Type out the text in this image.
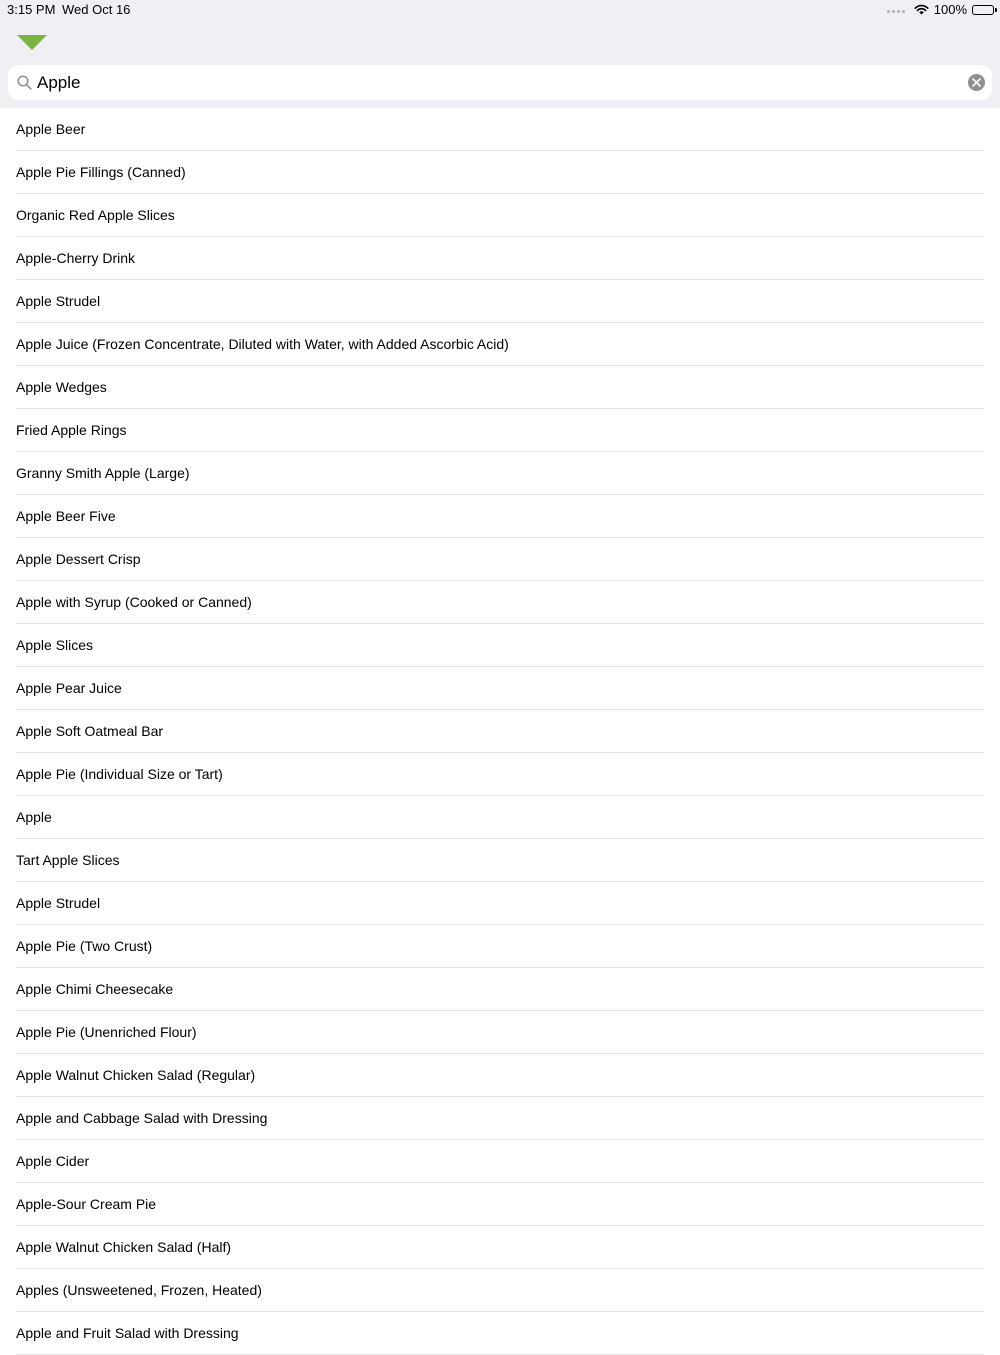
3:15 PM Wed Oct 16	100%
Apple
Apple Beer
Apple Pie Fillings (Canned)
Organic Red Apple Slices
Apple-Cherry Drink
Apple Strudel
Apple Juice (Frozen Concentrate, Diluted with Water, with Added Ascorbic Acid)
Apple Wedges
Fried Apple Rings
Granny Smith Apple (Large)
Apple Beer Five
Apple Dessert Crisp
Apple with Syrup (Cooked or Canned)
Apple Slices
Apple Pear Juice
Apple Soft Oatmeal Bar
Apple Pie (Individual Size or Tart)
Apple
Tart Apple Slices
Apple Strudel
Apple Pie (Two Crust)
Apple Chimi Cheesecake
Apple Pie (Unenriched Flour)
Apple Walnut Chicken Salad (Regular)
Apple and Cabbage Salad with Dressing
Apple Cider
Apple-Sour Cream Pie
Apple Walnut Chicken Salad (Half)
Apples (Unsweetened, Frozen, Heated)
Apple and Fruit Salad with Dressing
